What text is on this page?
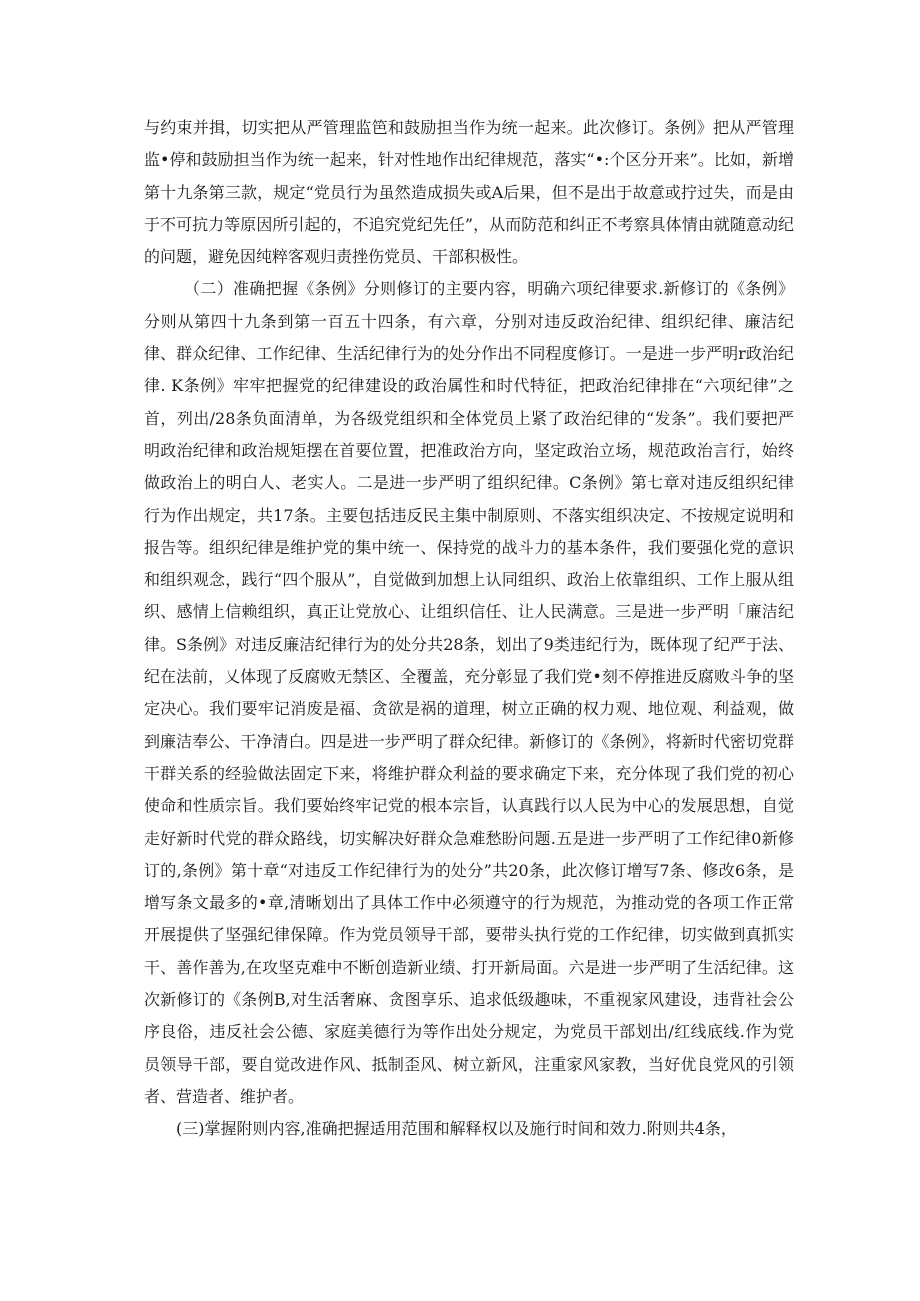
与约束并揖，切实把从严管理监笆和鼓励担当作为统一起来。此次修订。条例》把从严管理监•停和鼓励担当作为统一起来，针对性地作出纪律规范，落实“•:个区分开来”。比如，新增第十九条第三款，规定“党员行为虽然造成损失或A后果，但不是出于故意或拧过失，而是由于不可抗力等原因所引起的，不追究党纪先任”，从而防范和纠正不考察具体情由就随意动纪的问题，避免因纯粹客观归责挫伤党员、干部积极性。

（二）准确把握《条例》分则修订的主要内容，明确六项纪律要求.新修订的《条例》分则从第四十九条到第一百五十四条，有六章，分别对违反政治纪律、组织纪律、廉洁纪律、群众纪律、工作纪律、生活纪律行为的处分作出不同程度修订。一是进一步严明r政治纪律. K条例》牢牢把握党的纪律建设的政治属性和时代特征，把政治纪律排在“六项纪律”之首，列出/28条负面清单，为各级党组织和全体党员上紧了政治纪律的“发条”。我们要把严明政治纪律和政治规矩摆在首要位置，把准政治方向，坚定政治立场，规范政治言行，始终做政治上的明白人、老实人。二是进一步严明了组织纪律。C条例》第七章对违反组织纪律行为作出规定，共17条。主要包括违反民主集中制原则、不落实组织决定、不按规定说明和报告等。组织纪律是维护党的集中统一、保持党的战斗力的基本条件，我们要强化党的意识和组织观念，践行“四个服从”，自觉做到加想上认同组织、政治上依靠组织、工作上服从组织、感情上信赖组织，真正让党放心、让组织信任、让人民满意。三是进一步严明「廉洁纪律。S条例》对违反廉洁纪律行为的处分共28条，划出了9类违纪行为，既体现了纪严于法、纪在法前，乂体现了反腐败无禁区、全覆盖，充分彰显了我们党•刻不停推进反腐败斗争的坚定决心。我们要牢记消废是福、贪欲是祸的道理，树立正确的权力观、地位观、利益观，做到廉洁奉公、干净清白。四是进一步严明了群众纪律。新修订的《条例》，将新时代密切党群干群关系的经验做法固定下来，将维护群众利益的要求确定下来，充分体现了我们党的初心使命和性质宗旨。我们要始终牢记党的根本宗旨，认真践行以人民为中心的发展思想，自觉走好新时代党的群众路线，切实解决好群众急难愁盼问题.五是进一步严明了工作纪律0新修订的,条例》第十章“对违反工作纪律行为的处分”共20条，此次修订增写7条、修改6条，是增写条文最多的•章,清晰划出了具体工作中必须遵守的行为规范，为推动党的各项工作正常开展提供了坚强纪律保障。作为党员领导干部，要带头执行党的工作纪律，切实做到真抓实干、善作善为,在攻坚克难中不断创造新业绩、打开新局面。六是进一步严明了生活纪律。这次新修订的《条例B,对生活奢麻、贪图享乐、追求低级趣味，不重视家风建设，违背社会公序良俗，违反社会公德、家庭美德行为等作出处分规定，为党员干部划出/红线底线.作为党员领导干部，要自觉改进作风、抵制歪风、树立新风，注重家风家教，当好优良党风的引领者、营造者、维护者。

(三)掌握附则内容,准确把握适用范围和解释权以及施行时间和效力.附则共4条，
